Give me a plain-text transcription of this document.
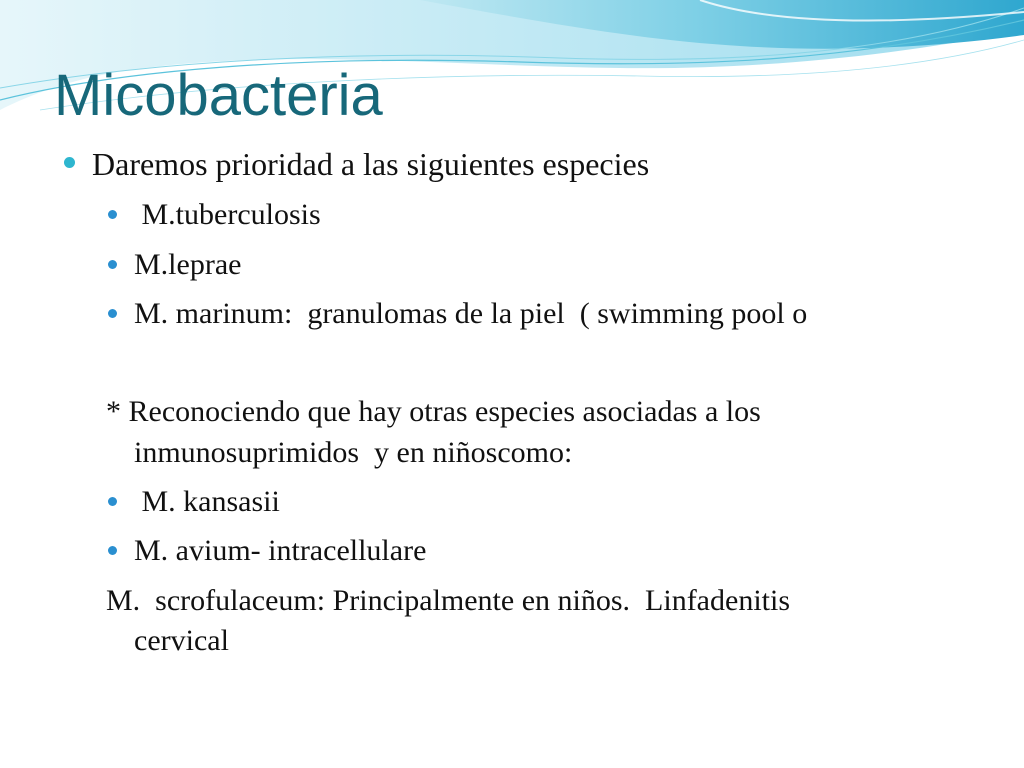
Micobacteria
Daremos prioridad a las siguientes especies
M.tuberculosis
M.leprae
M. marinum:  granulomas de la piel  ( swimming pool o
* Reconociendo que hay otras especies asociadas a los
inmunosuprimidos  y en niñoscomo:
M. kansasii
M. avium- intracellulare
M.  scrofulaceum: Principalmente en niños.  Linfadenitis
cervical
